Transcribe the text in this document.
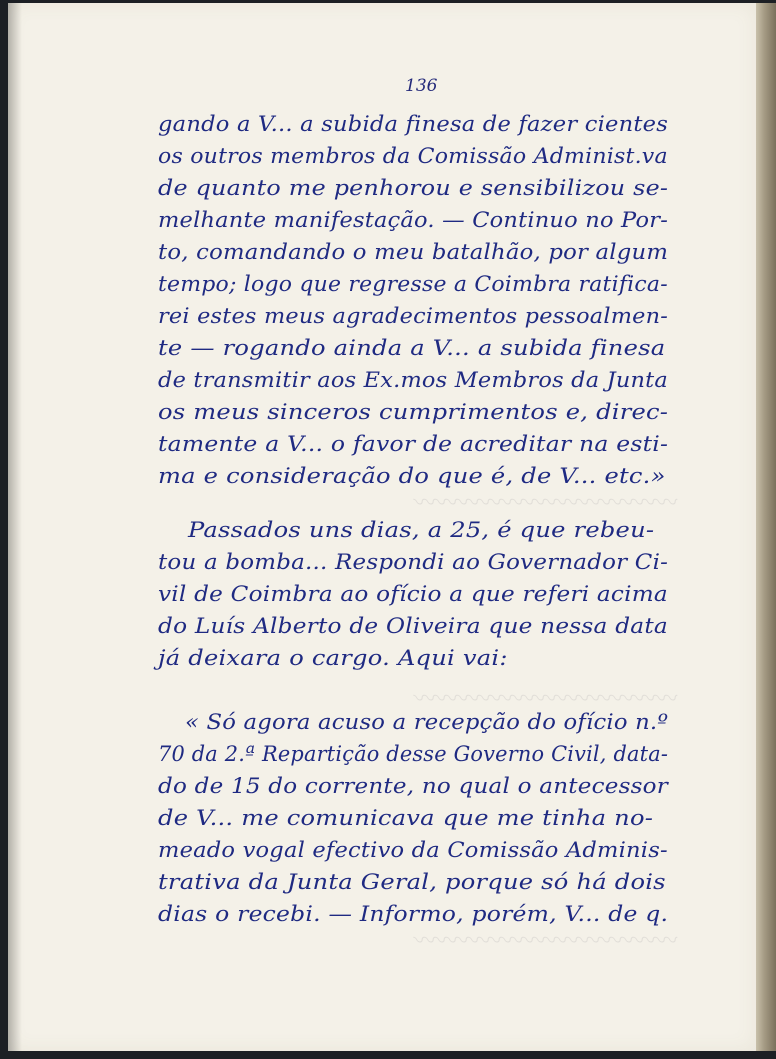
〰〰〰〰〰〰〰〰〰〰〰〰
〰〰〰〰〰〰〰〰〰〰〰〰
〰〰〰〰〰〰〰〰〰〰〰〰
136
gando a V... a subida finesa de fazer cientes
os outros membros da Comissão Administ.va
de quanto me penhorou e sensibilizou se-
melhante manifestação. — Continuo no Por-
to, comandando o meu batalhão, por algum
tempo; logo que regresse a Coimbra ratifica-
rei estes meus agradecimentos pessoalmen-
te — rogando ainda a V... a subida finesa
de transmitir aos Ex.mos Membros da Junta
os meus sinceros cumprimentos e, direc-
tamente a V... o favor de acreditar na esti-
ma e consideração do que é, de V... etc.»
Passados uns dias, a 25, é que rebeu-
tou a bomba... Respondi ao Governador Ci-
vil de Coimbra ao ofício a que referi acima
do Luís Alberto de Oliveira que nessa data
já deixara o cargo. Aqui vai:
« Só agora acuso a recepção do ofício n.º
70 da 2.ª Repartição desse Governo Civil, data-
do de 15 do corrente, no qual o antecessor
de V... me comunicava que me tinha no-
meado vogal efectivo da Comissão Adminis-
trativa da Junta Geral, porque só há dois
dias o recebi. — Informo, porém, V... de q.
